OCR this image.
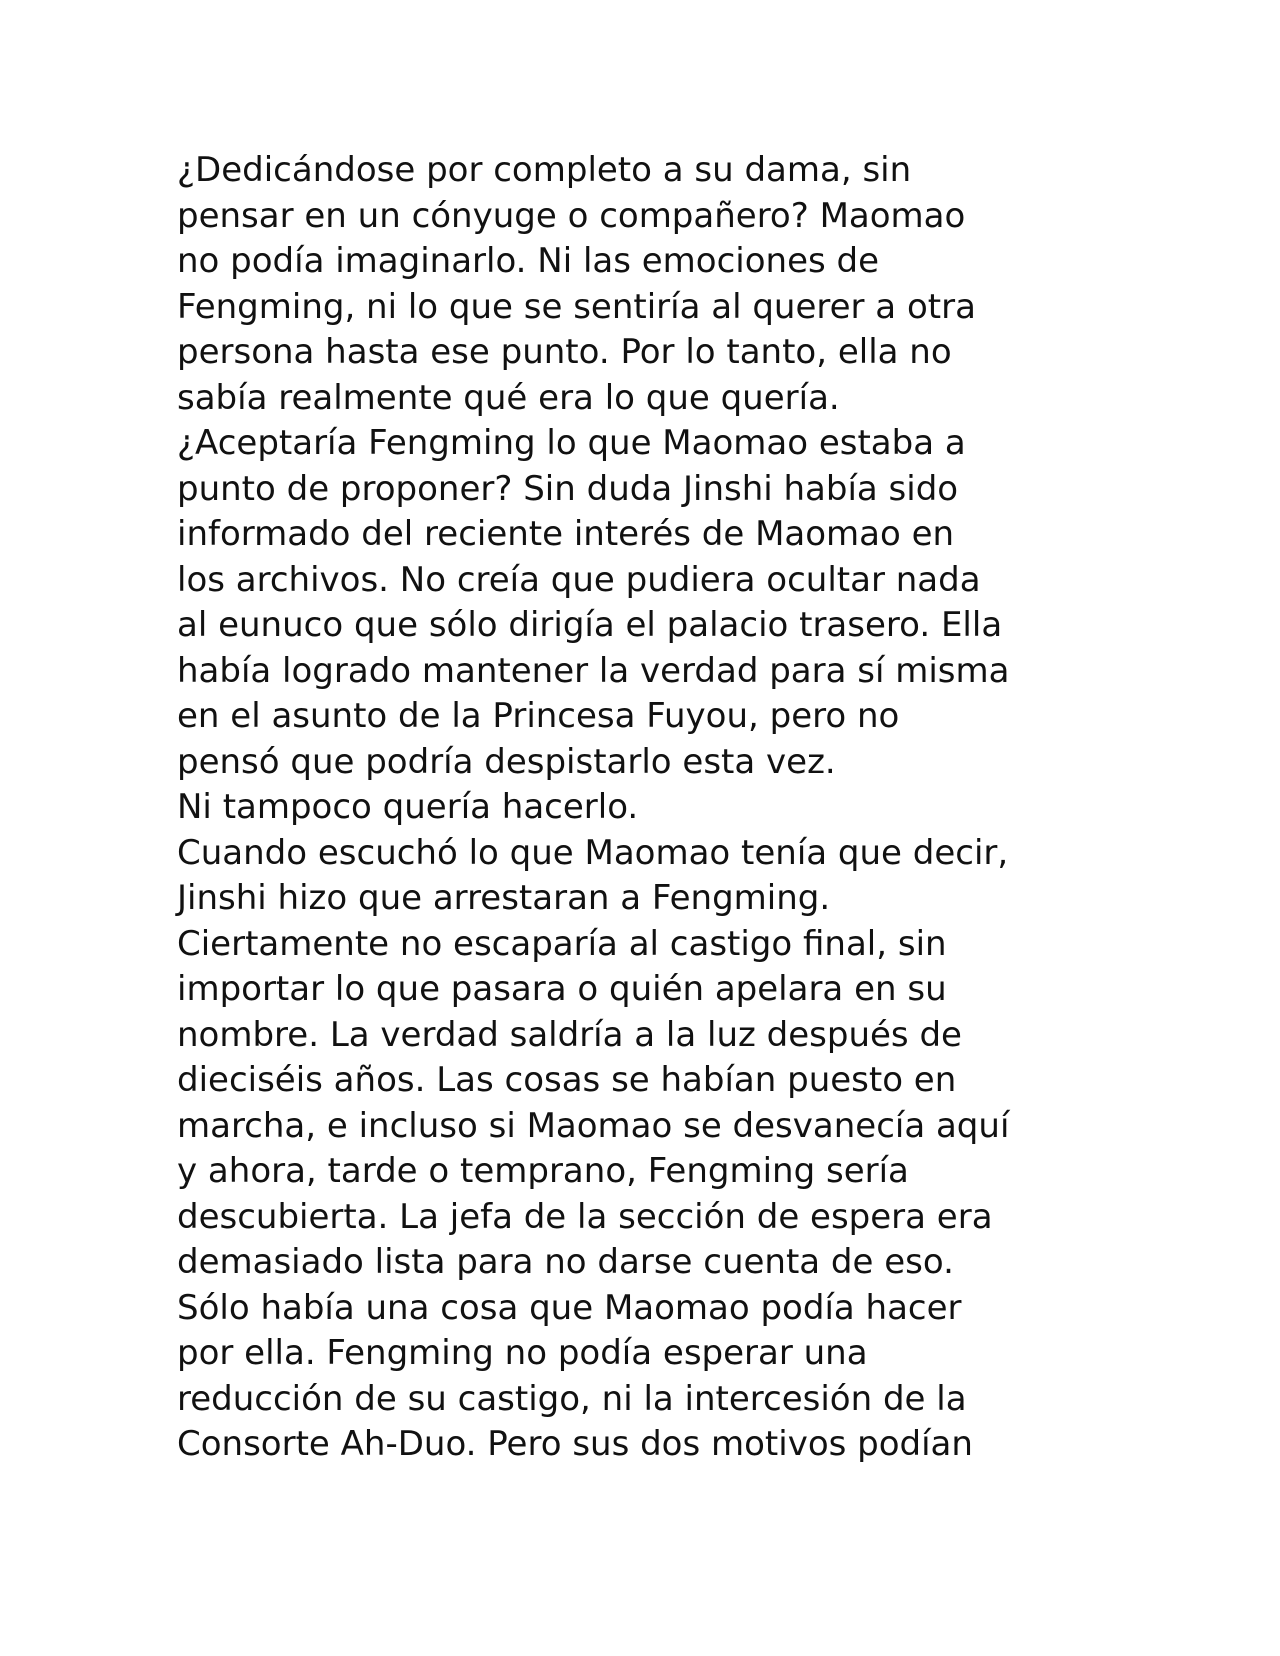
¿Dedicándose por completo a su dama, sin
pensar en un cónyuge o compañero? Maomao
no podía imaginarlo. Ni las emociones de
Fengming, ni lo que se sentiría al querer a otra
persona hasta ese punto. Por lo tanto, ella no
sabía realmente qué era lo que quería.
¿Aceptaría Fengming lo que Maomao estaba a
punto de proponer? Sin duda Jinshi había sido
informado del reciente interés de Maomao en
los archivos. No creía que pudiera ocultar nada
al eunuco que sólo dirigía el palacio trasero. Ella
había logrado mantener la verdad para sí misma
en el asunto de la Princesa Fuyou, pero no
pensó que podría despistarlo esta vez.
Ni tampoco quería hacerlo.
Cuando escuchó lo que Maomao tenía que decir,
Jinshi hizo que arrestaran a Fengming.
Ciertamente no escaparía al castigo final, sin
importar lo que pasara o quién apelara en su
nombre. La verdad saldría a la luz después de
dieciséis años. Las cosas se habían puesto en
marcha, e incluso si Maomao se desvanecía aquí
y ahora, tarde o temprano, Fengming sería
descubierta. La jefa de la sección de espera era
demasiado lista para no darse cuenta de eso.
Sólo había una cosa que Maomao podía hacer
por ella. Fengming no podía esperar una
reducción de su castigo, ni la intercesión de la
Consorte Ah-Duo. Pero sus dos motivos podían
